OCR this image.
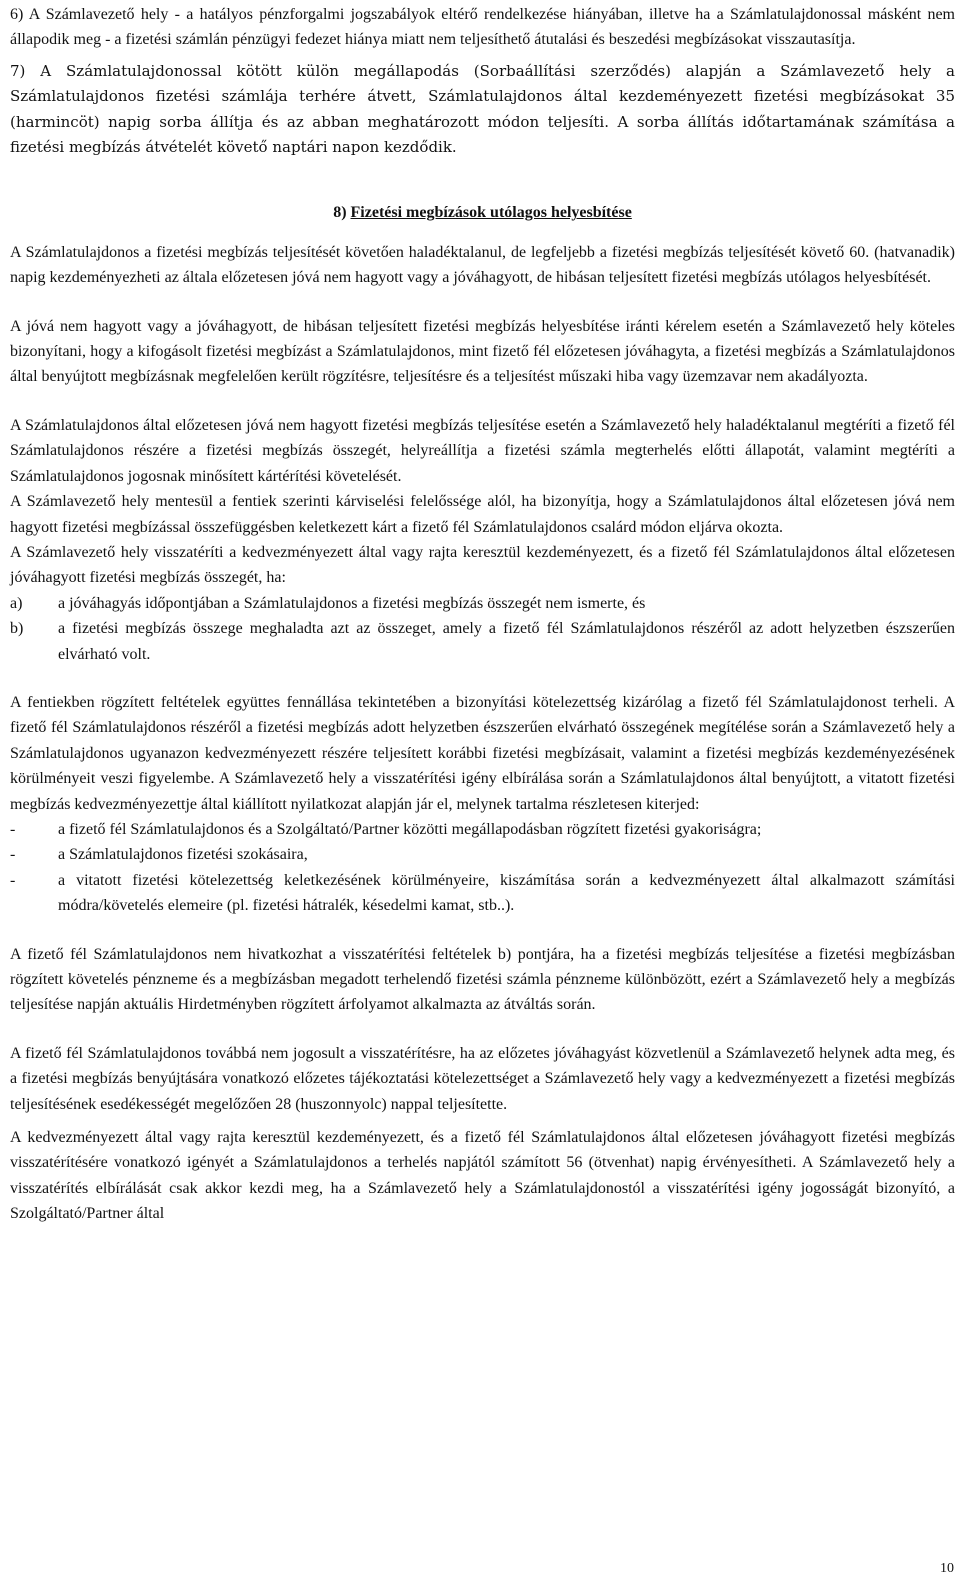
6) A Számlavezető hely - a hatályos pénzforgalmi jogszabályok eltérő rendelkezése hiányában, illetve ha a Számlatulajdonossal másként nem állapodik meg - a fizetési számlán pénzügyi fedezet hiánya miatt nem teljesíthető átutalási és beszedési megbízásokat visszautasítja.

7) A Számlatulajdonossal kötött külön megállapodás (Sorbaállítási szerződés) alapján a Számlavezető hely a Számlatulajdonos fizetési számlája terhére átvett, Számlatulajdonos által kezdeményezett fizetési megbízásokat 35 (harmincöt) napig sorba állítja és az abban meghatározott módon teljesíti. A sorba állítás időtartamának számítása a fizetési megbízás átvételét követő naptári napon kezdődik.

8) Fizetési megbízások utólagos helyesbítése

A Számlatulajdonos a fizetési megbízás teljesítését követően haladéktalanul, de legfeljebb a fizetési megbízás teljesítését követő 60. (hatvanadik) napig kezdeményezheti az általa előzetesen jóvá nem hagyott vagy a jóváhagyott, de hibásan teljesített fizetési megbízás utólagos helyesbítését.

A jóvá nem hagyott vagy a jóváhagyott, de hibásan teljesített fizetési megbízás helyesbítése iránti kérelem esetén a Számlavezető hely köteles bizonyítani, hogy a kifogásolt fizetési megbízást a Számlatulajdonos, mint fizető fél előzetesen jóváhagyta, a fizetési megbízás a Számlatulajdonos által benyújtott megbízásnak megfelelően került rögzítésre, teljesítésre és a teljesítést műszaki hiba vagy üzemzavar nem akadályozta.

A Számlatulajdonos által előzetesen jóvá nem hagyott fizetési megbízás teljesítése esetén a Számlavezető hely haladéktalanul megtéríti a fizető fél Számlatulajdonos részére a fizetési megbízás összegét, helyreállítja a fizetési számla megterhelés előtti állapotát, valamint megtéríti a Számlatulajdonos jogosnak minősített kártérítési követelését.

A Számlavezető hely mentesül a fentiek szerinti kárviselési felelőssége alól, ha bizonyítja, hogy a Számlatulajdonos által előzetesen jóvá nem hagyott fizetési megbízással összefüggésben keletkezett kárt a fizető fél Számlatulajdonos csalárd módon eljárva okozta.

A Számlavezető hely visszatéríti a kedvezményezett által vagy rajta keresztül kezdeményezett, és a fizető fél Számlatulajdonos által előzetesen jóváhagyott fizetési megbízás összegét, ha:

a)	a jóváhagyás időpontjában a Számlatulajdonos a fizetési megbízás összegét nem ismerte, és
b)	a fizetési megbízás összege meghaladta azt az összeget, amely a fizető fél Számlatulajdonos részéről az adott helyzetben észszerűen elvárható volt.

A fentiekben rögzített feltételek együttes fennállása tekintetében a bizonyítási kötelezettség kizárólag a fizető fél Számlatulajdonost terheli. A fizető fél Számlatulajdonos részéről a fizetési megbízás adott helyzetben észszerűen elvárható összegének megítélése során a Számlavezető hely a Számlatulajdonos ugyanazon kedvezményezett részére teljesített korábbi fizetési megbízásait, valamint a fizetési megbízás kezdeményezésének körülményeit veszi figyelembe. A Számlavezető hely a visszatérítési igény elbírálása során a Számlatulajdonos által benyújtott, a vitatott fizetési megbízás kedvezményezettje által kiállított nyilatkozat alapján jár el, melynek tartalma részletesen kiterjed:

-	a fizető fél Számlatulajdonos és a Szolgáltató/Partner közötti megállapodásban rögzített fizetési gyakoriságra;
-	a Számlatulajdonos fizetési szokásaira,
-	a vitatott fizetési kötelezettség keletkezésének körülményeire, kiszámítása során a kedvezményezett által alkalmazott számítási módra/követelés elemeire (pl. fizetési hátralék, késedelmi kamat, stb..).

A fizető fél Számlatulajdonos nem hivatkozhat a visszatérítési feltételek b) pontjára, ha a fizetési megbízás teljesítése a fizetési megbízásban rögzített követelés pénzneme és a megbízásban megadott terhelendő fizetési számla pénzneme különbözött, ezért a Számlavezető hely a megbízás teljesítése napján aktuális Hirdetményben rögzített árfolyamot alkalmazta az átváltás során.

A fizető fél Számlatulajdonos továbbá nem jogosult a visszatérítésre, ha az előzetes jóváhagyást közvetlenül a Számlavezető helynek adta meg, és a fizetési megbízás benyújtására vonatkozó előzetes tájékoztatási kötelezettséget a Számlavezető hely vagy a kedvezményezett a fizetési megbízás teljesítésének esedékességét megelőzően 28 (huszonnyolc) nappal teljesítette.

A kedvezményezett által vagy rajta keresztül kezdeményezett, és a fizető fél Számlatulajdonos által előzetesen jóváhagyott fizetési megbízás visszatérítésére vonatkozó igényét a Számlatulajdonos a terhelés napjától számított 56 (ötvenhat) napig érvényesítheti. A Számlavezető hely a visszatérítés elbírálását csak akkor kezdi meg, ha a Számlavezető hely a Számlatulajdonostól a visszatérítési igény jogosságát bizonyító, a Szolgáltató/Partner által

10
